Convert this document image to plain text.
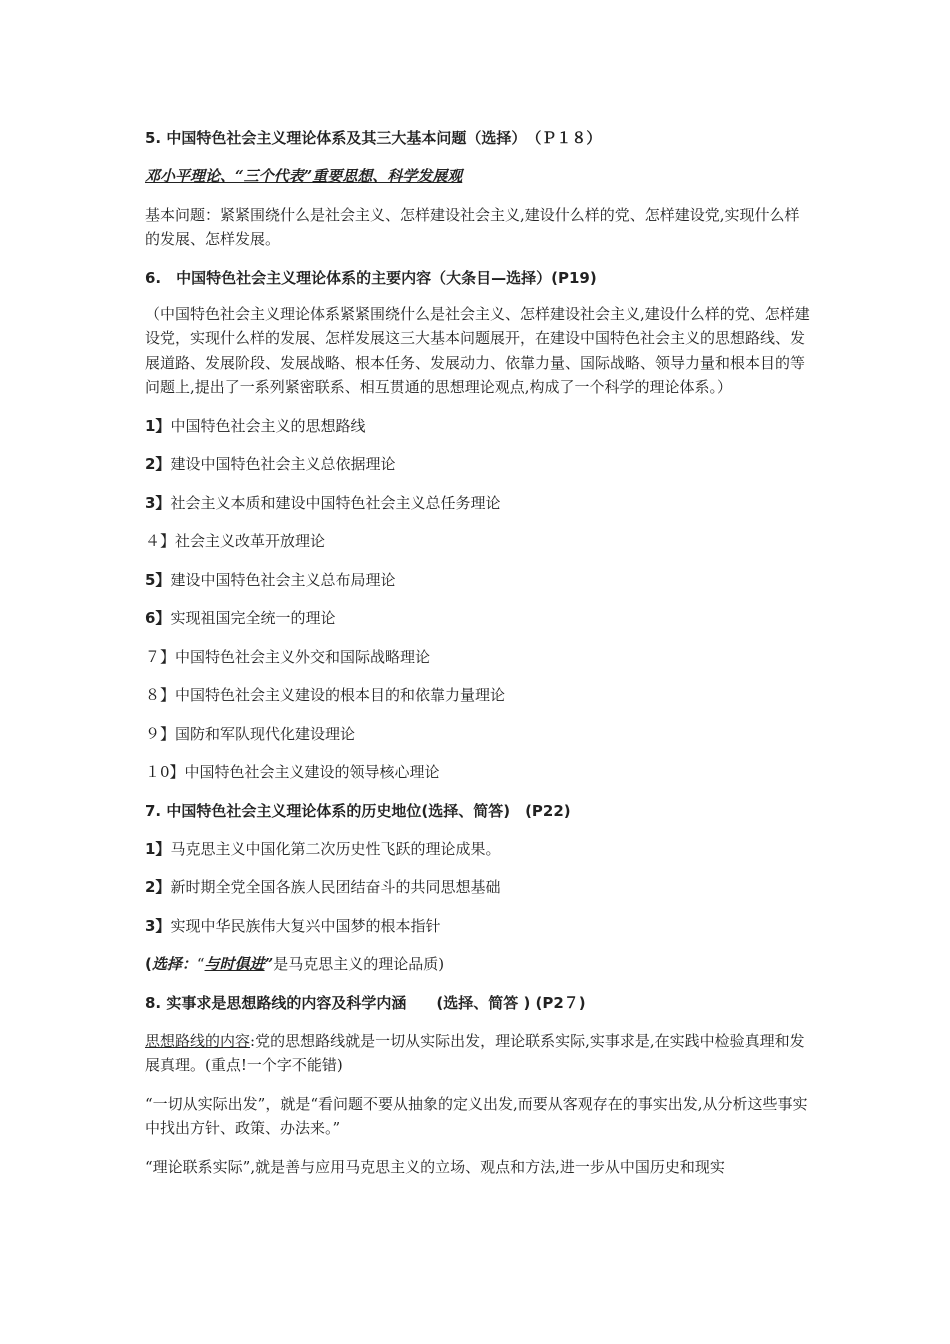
5. 中国特色社会主义理论体系及其三大基本问题（选择）　（Ｐ１８）

邓小平理论、“三个代表”重要思想、科学发展观

基本问题：紧紧围绕什么是社会主义、怎样建设社会主义,建设什么样的党、怎样建设党,实现什么样的发展、怎样发展。

6.　中国特色社会主义理论体系的主要内容（大条目—选择）(P19)

（中国特色社会主义理论体系紧紧围绕什么是社会主义、怎样建设社会主义,建设什么样的党、怎样建设党，实现什么样的发展、怎样发展这三大基本问题展开，在建设中国特色社会主义的思想路线、发展道路、发展阶段、发展战略、根本任务、发展动力、依靠力量、国际战略、领导力量和根本目的等问题上,提出了一系列紧密联系、相互贯通的思想理论观点,构成了一个科学的理论体系。）

1】中国特色社会主义的思想路线

2】建设中国特色社会主义总依据理论

3】社会主义本质和建设中国特色社会主义总任务理论

４】社会主义改革开放理论

5】建设中国特色社会主义总布局理论

6】实现祖国完全统一的理论

７】中国特色社会主义外交和国际战略理论

８】中国特色社会主义建设的根本目的和依靠力量理论

９】国防和军队现代化建设理论

１0】中国特色社会主义建设的领导核心理论

7. 中国特色社会主义理论体系的历史地位(选择、简答)　(P22)

1】马克思主义中国化第二次历史性飞跃的理论成果。

2】新时期全党全国各族人民团结奋斗的共同思想基础

3】实现中华民族伟大复兴中国梦的根本指针

(选择：“与时俱进”是马克思主义的理论品质)

8. 实事求是思想路线的内容及科学内涵　　(选择、简答 ) (P2７)

思想路线的内容:党的思想路线就是一切从实际出发，理论联系实际,实事求是,在实践中检验真理和发展真理。(重点!一个字不能错)

“一切从实际出发”，就是“看问题不要从抽象的定义出发,而要从客观存在的事实出发,从分析这些事实中找出方针、政策、办法来。”

“理论联系实际”,就是善与应用马克思主义的立场、观点和方法,进一步从中国历史和现实
